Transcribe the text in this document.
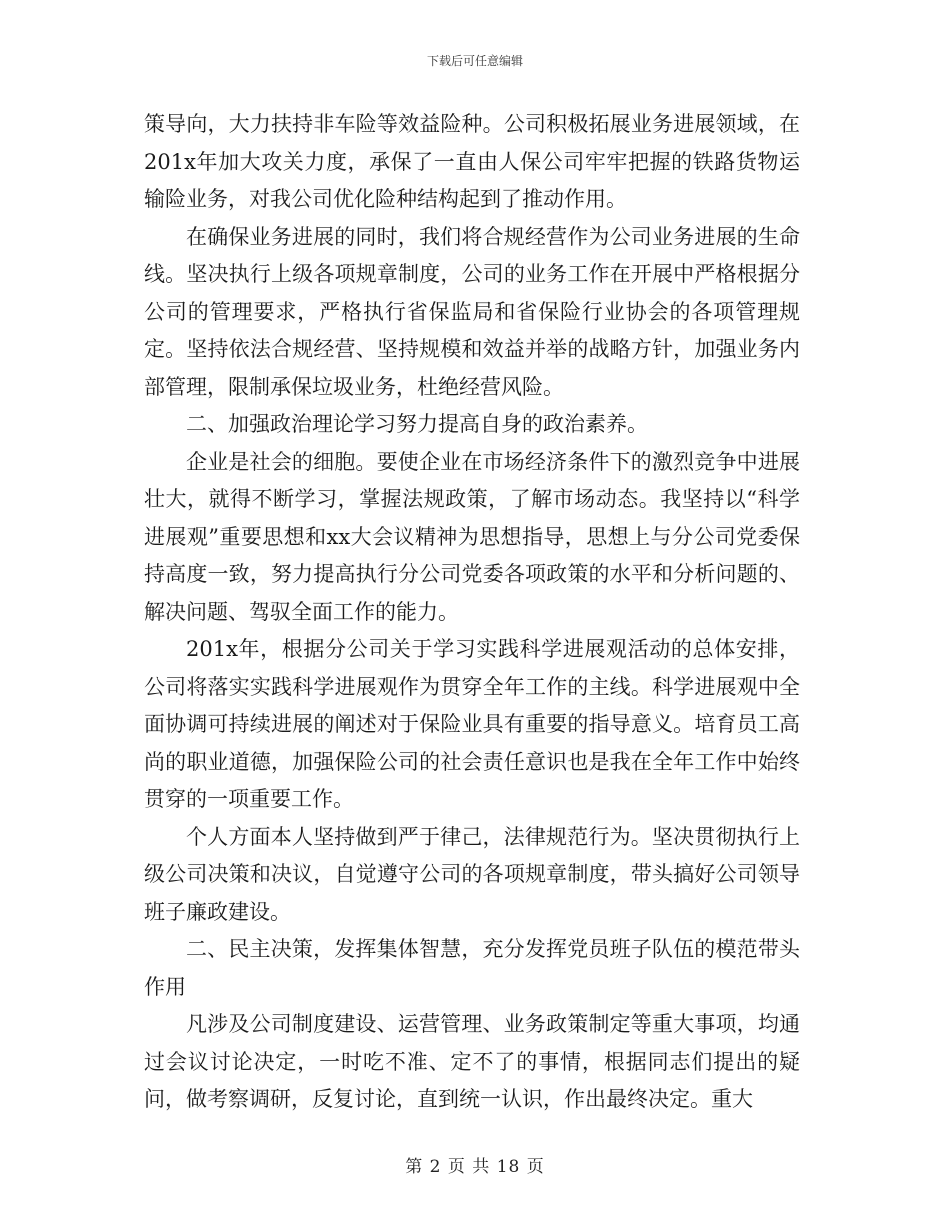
下载后可任意编辑

策导向，大力扶持非车险等效益险种。公司积极拓展业务进展领域，在201x年加大攻关力度，承保了一直由人保公司牢牢把握的铁路货物运输险业务，对我公司优化险种结构起到了推动作用。

在确保业务进展的同时，我们将合规经营作为公司业务进展的生命线。坚决执行上级各项规章制度，公司的业务工作在开展中严格根据分公司的管理要求，严格执行省保监局和省保险行业协会的各项管理规定。坚持依法合规经营、坚持规模和效益并举的战略方针，加强业务内部管理，限制承保垃圾业务，杜绝经营风险。

二、加强政治理论学习努力提高自身的政治素养。

企业是社会的细胞。要使企业在市场经济条件下的激烈竞争中进展壮大，就得不断学习，掌握法规政策，了解市场动态。我坚持以“科学进展观”重要思想和xx大会议精神为思想指导，思想上与分公司党委保持高度一致，努力提高执行分公司党委各项政策的水平和分析问题的、解决问题、驾驭全面工作的能力。

201x年，根据分公司关于学习实践科学进展观活动的总体安排，公司将落实实践科学进展观作为贯穿全年工作的主线。科学进展观中全面协调可持续进展的阐述对于保险业具有重要的指导意义。培育员工高尚的职业道德，加强保险公司的社会责任意识也是我在全年工作中始终贯穿的一项重要工作。

个人方面本人坚持做到严于律己，法律规范行为。坚决贯彻执行上级公司决策和决议，自觉遵守公司的各项规章制度，带头搞好公司领导班子廉政建设。

二、民主决策，发挥集体智慧，充分发挥党员班子队伍的模范带头作用

凡涉及公司制度建设、运营管理、业务政策制定等重大事项，均通过会议讨论决定，一时吃不准、定不了的事情，根据同志们提出的疑问，做考察调研，反复讨论，直到统一认识，作出最终决定。重大

第 2 页 共 18 页
